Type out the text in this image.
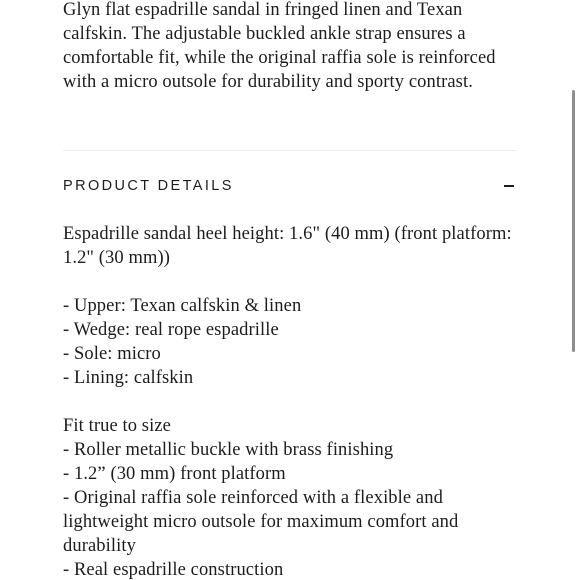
Glyn flat espadrille sandal in fringed linen and Texan calfskin. The adjustable buckled ankle strap ensures a comfortable fit, while the original raffia sole is reinforced with a micro outsole for durability and sporty contrast.

PRODUCT DETAILS

Espadrille sandal heel height: 1.6" (40 mm) (front platform: 1.2" (30 mm))

- Upper: Texan calfskin & linen

- Wedge: real rope espadrille

- Sole: micro

- Lining: calfskin

Fit true to size

- Roller metallic buckle with brass finishing

- 1.2” (30 mm) front platform

- Original raffia sole reinforced with a flexible and lightweight micro outsole for maximum comfort and durability

- Real espadrille construction
